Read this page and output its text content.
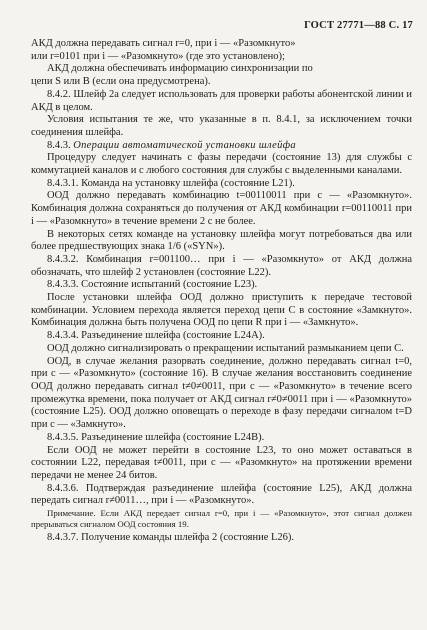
ГОСТ 27771—88 С. 17

АКД должна передавать сигнал r=0, при i — «Разомкнуто»

или r=0101 при i — «Разомкнуто» (где это установлено);

АКД должна обеспечивать информацию синхронизации по

цепи S или B (если она предусмотрена).

8.4.2. Шлейф 2а следует использовать для проверки работы абонентской линии и АКД в целом.

Условия испытания те же, что указанные в п. 8.4.1, за исключением точки соединения шлейфа.

8.4.3. Операции автоматической установки шлейфа

Процедуру следует начинать с фазы передачи (состояние 13) для службы с коммутацией каналов и с любого состояния для службы с выделенными каналами.

8.4.3.1. Команда на установку шлейфа (состояние L21).

ООД должно передавать комбинацию t=00110011 при c — «Разомкнуто». Комбинация должна сохраняться до получения от АКД комбинации r=00110011 при i — «Разомкнуто» в течение времени 2 с не более.

В некоторых сетях команде на установку шлейфа могут потребоваться два или более предшествующих знака 1/6 («SYN»).

8.4.3.2. Комбинация r=001100… при i — «Разомкнуто» от АКД должна обозначать, что шлейф 2 установлен (состояние L22).

8.4.3.3. Состояние испытаний (состояние L23).

После установки шлейфа ООД должно приступить к передаче тестовой комбинации. Условием перехода является переход цепи C в состояние «Замкнуто». Комбинация должна быть получена ООД по цепи R при i — «Замкнуто».

8.4.3.4. Разъединение шлейфа (состояние L24A).

ООД должно сигнализировать о прекращении испытаний размыканием цепи C.

ООД, в случае желания разорвать соединение, должно передавать сигнал t=0, при c — «Разомкнуто» (состояние 16). В случае желания восстановить соединение ООД должно передавать сигнал t≠0≠0011, при c — «Разомкнуто» в течение всего промежутка времени, пока получает от АКД сигнал r≠0≠0011 при i — «Разомкнуто» (состояние L25). ООД должно оповещать о переходе в фазу передачи сигналом t=D при c — «Замкнуто».

8.4.3.5. Разъединение шлейфа (состояние L24B).

Если ООД не может перейти в состояние L23, то оно может оставаться в состоянии L22, передавая t≠0011, при c — «Разомкнуто» на протяжении времени передачи не менее 24 битов.

8.4.3.6. Подтверждая разъединение шлейфа (состояние L25), АКД должна передать сигнал r≠0011…, при i — «Разомкнуто».

Примечание. Если АКД передает сигнал r=0, при i — «Разомкнуто», этот сигнал должен прерываться сигналом ООД состояния 19.

8.4.3.7. Получение команды шлейфа 2 (состояние L26).
